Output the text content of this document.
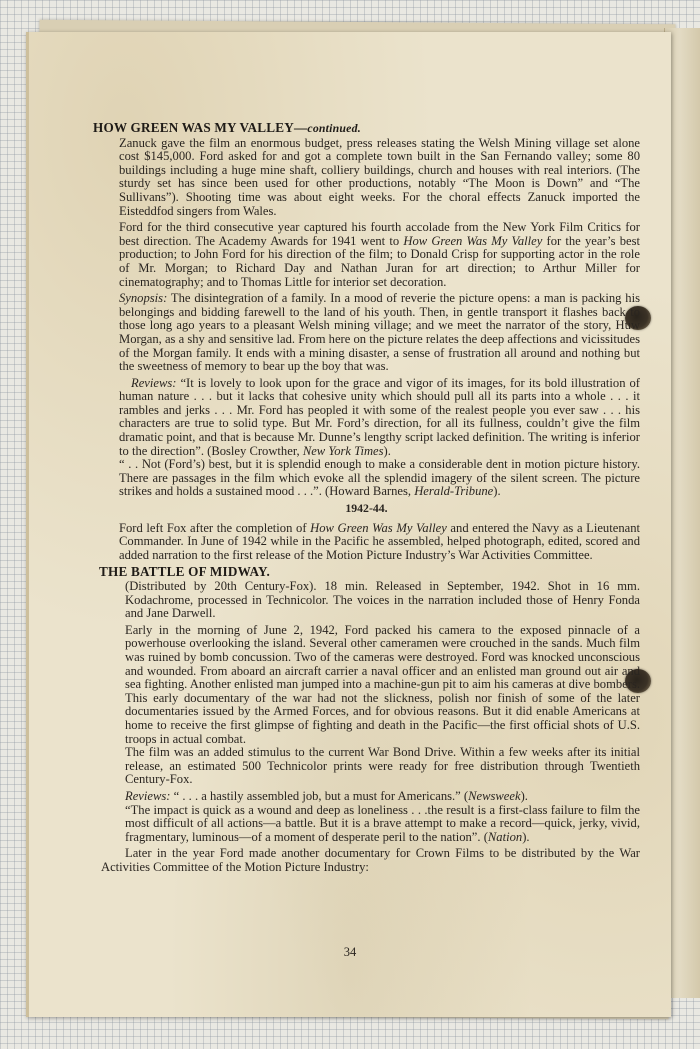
HOW GREEN WAS MY VALLEY—continued.

Zanuck gave the film an enormous budget, press releases stating the Welsh Mining village set alone cost $145,000. Ford asked for and got a complete town built in the San Fernando valley; some 80 buildings including a huge mine shaft, colliery buildings, church and houses with real interiors. (The sturdy set has since been used for other productions, notably “The Moon is Down” and “The Sullivans”). Shooting time was about eight weeks. For the choral effects Zanuck imported the Eisteddfod singers from Wales.

Ford for the third consecutive year captured his fourth accolade from the New York Film Critics for best direction. The Academy Awards for 1941 went to How Green Was My Valley for the year’s best production; to John Ford for his direction of the film; to Donald Crisp for supporting actor in the role of Mr. Morgan; to Richard Day and Nathan Juran for art direction; to Arthur Miller for cinematography; and to Thomas Little for interior set decoration.

Synopsis: The disintegration of a family. In a mood of reverie the picture opens: a man is packing his belongings and bidding farewell to the land of his youth. Then, in gentle transport it flashes back to those long ago years to a pleasant Welsh mining village; and we meet the narrator of the story, Huw Morgan, as a shy and sensitive lad. From here on the picture relates the deep affections and vicissitudes of the Morgan family. It ends with a mining disaster, a sense of frustration all around and nothing but the sweetness of memory to bear up the boy that was.

Reviews: “It is lovely to look upon for the grace and vigor of its images, for its bold illustration of human nature . . . but it lacks that cohesive unity which should pull all its parts into a whole . . . it rambles and jerks . . . Mr. Ford has peopled it with some of the realest people you ever saw . . . his characters are true to solid type. But Mr. Ford’s direction, for all its fullness, couldn’t give the film dramatic point, and that is because Mr. Dunne’s lengthy script lacked definition. The writing is inferior to the direction”. (Bosley Crowther, New York Times).

“ . . Not (Ford’s) best, but it is splendid enough to make a considerable dent in motion picture history. There are passages in the film which evoke all the splendid imagery of the silent screen. The picture strikes and holds a sustained mood . . .”. (Howard Barnes, Herald-Tribune).

1942-44.

Ford left Fox after the completion of How Green Was My Valley and entered the Navy as a Lieutenant Commander. In June of 1942 while in the Pacific he assembled, helped photograph, edited, scored and added narration to the first release of the Motion Picture Industry’s War Activities Committee.

THE BATTLE OF MIDWAY.

(Distributed by 20th Century-Fox). 18 min. Released in September, 1942. Shot in 16 mm. Kodachrome, processed in Technicolor. The voices in the narration included those of Henry Fonda and Jane Darwell.

Early in the morning of June 2, 1942, Ford packed his camera to the exposed pinnacle of a powerhouse overlooking the island. Several other cameramen were crouched in the sands. Much film was ruined by bomb concussion. Two of the cameras were destroyed. Ford was knocked unconscious and wounded. From aboard an aircraft carrier a naval officer and an enlisted man ground out air and sea fighting. Another enlisted man jumped into a machine-gun pit to aim his cameras at dive bombers. This early documentary of the war had not the slickness, polish nor finish of some of the later documentaries issued by the Armed Forces, and for obvious reasons. But it did enable Americans at home to receive the first glimpse of fighting and death in the Pacific—the first official shots of U.S. troops in actual combat.

The film was an added stimulus to the current War Bond Drive. Within a few weeks after its initial release, an estimated 500 Technicolor prints were ready for free distribution through Twentieth Century-Fox.

Reviews: “ . . . a hastily assembled job, but a must for Americans.” (Newsweek).

“The impact is quick as a wound and deep as loneliness . . .the result is a first-class failure to film the most difficult of all actions—a battle. But it is a brave attempt to make a record—quick, jerky, vivid, fragmentary, luminous—of a moment of desperate peril to the nation”. (Nation).

Later in the year Ford made another documentary for Crown Films to be distributed by the War Activities Committee of the Motion Picture Industry:

34
